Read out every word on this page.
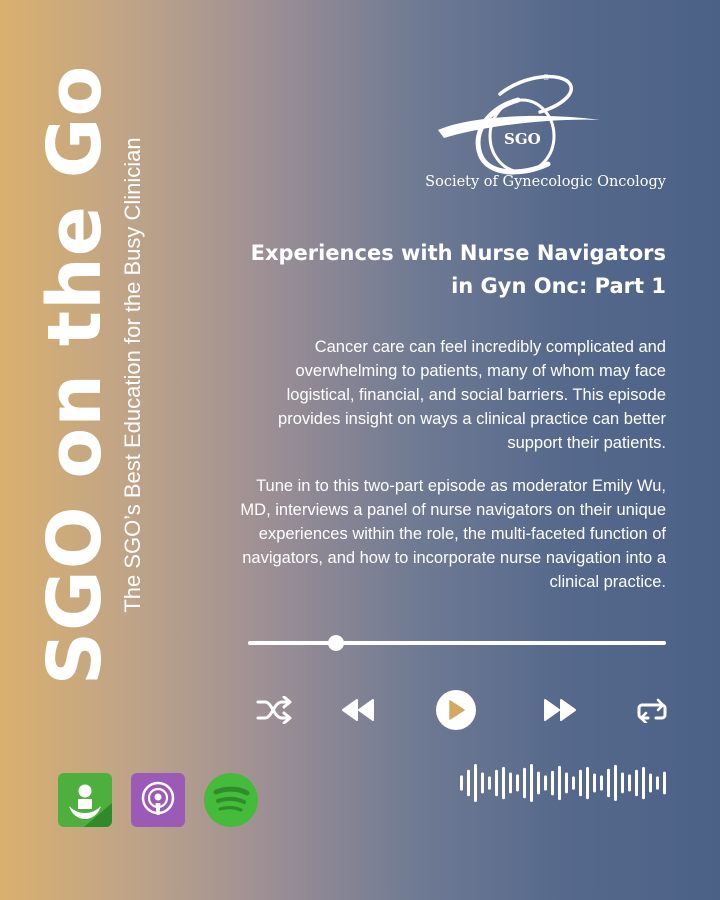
SGO on the Go The SGO’s Best Education for the Busy Clinician	SGO
®
Society of Gynecologic Oncology
Experiences with Nurse Navigators
in Gyn Onc: Part 1
Cancer care can feel incredibly complicated and overwhelming to patients, many of whom may face logistical, financial, and social barriers. This episode provides insight on ways a clinical practice can better support their patients.
Tune in to this two-part episode as moderator Emily Wu, MD, interviews a panel of nurse navigators on their unique experiences within the role, the multi-faceted function of navigators, and how to incorporate nurse navigation into a clinical practice.
